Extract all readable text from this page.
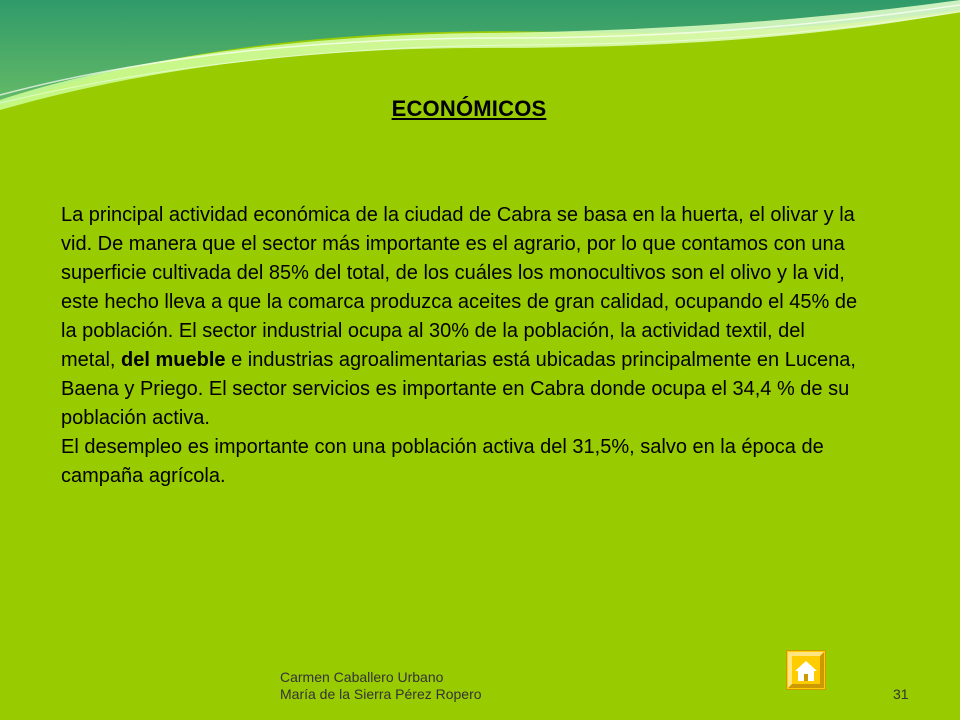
ECONÓMICOS

La principal actividad económica de la ciudad de Cabra se basa en la huerta, el olivar y la vid. De manera que el sector más importante es el agrario, por lo que contamos con una superficie cultivada del 85% del total, de los cuáles los monocultivos son el olivo y la vid, este hecho lleva a que la comarca produzca aceites de gran calidad, ocupando el 45% de la población. El sector industrial ocupa al 30% de la población, la actividad textil, del metal, del mueble e industrias agroalimentarias está ubicadas principalmente en Lucena, Baena y Priego. El sector servicios es importante en Cabra donde ocupa el 34,4 % de su población activa.

El desempleo es importante con una población activa del 31,5%, salvo en la época de campaña agrícola.

Carmen Caballero Urbano
María de la Sierra Pérez Ropero	31
